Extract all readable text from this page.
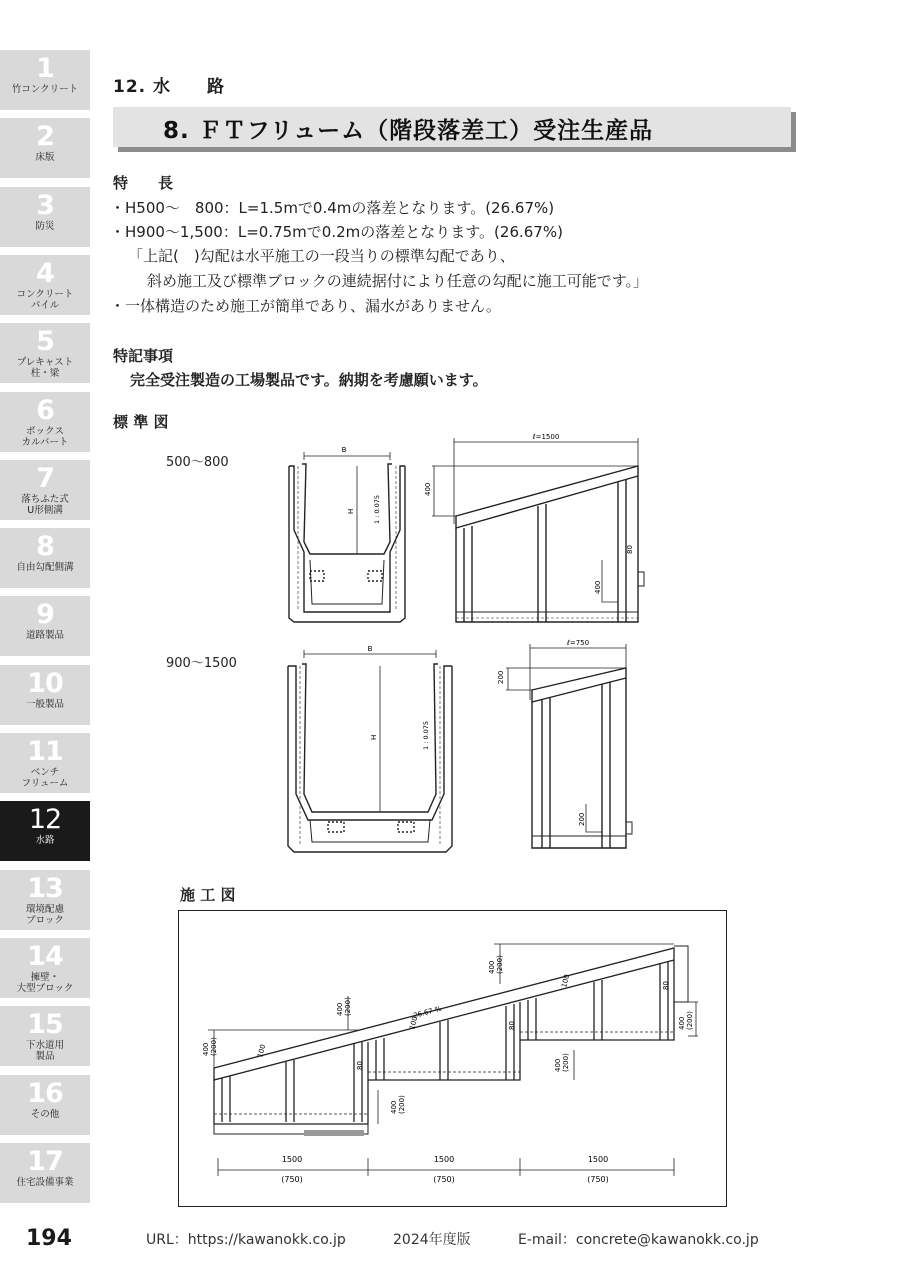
1
竹コンクリート
2
床版
3
防災
4
コンクリート
パイル
5
プレキャスト
柱・梁
6
ボックス
カルバート
7
落ちふた式
U形側溝
8
自由勾配側溝
9
道路製品
10
一般製品
11
ベンチ
フリューム
12
水路
13
環境配慮
ブロック
14
擁壁・
大型ブロック
15
下水道用
製品
16
その他
17
住宅設備事業
12. 水　　路
8. ＦＴフリューム（階段落差工）受注生産品
特　　長
・H500～　800：L=1.5mで0.4mの落差となります。(26.67%)
・H900～1,500：L=0.75mで0.2mの落差となります。(26.67%)
「上記(　)勾配は水平施工の一段当りの標準勾配であり、
斜め施工及び標準ブロックの連続据付により任意の勾配に施工可能です。」
・一体構造のため施工が簡単であり、漏水がありません。
特記事項
完全受注製造の工場製品です。納期を考慮願います。
標 準 図
500～800
900～1500
B
H	1 : 0.075
ℓ=1500
400
400
80
B
H	1 : 0.075
ℓ=750
200
200
施 工 図
26.67 %
400 (200)
400 (200)
400 (200)
400 (200)
400 (200)
400 (200)
80
80
80
100
100
100
1500
(750)
1500
(750)
1500
(750)
194	URL：https://kawanokk.co.jp	2024年度版	E-mail：concrete@kawanokk.co.jp
